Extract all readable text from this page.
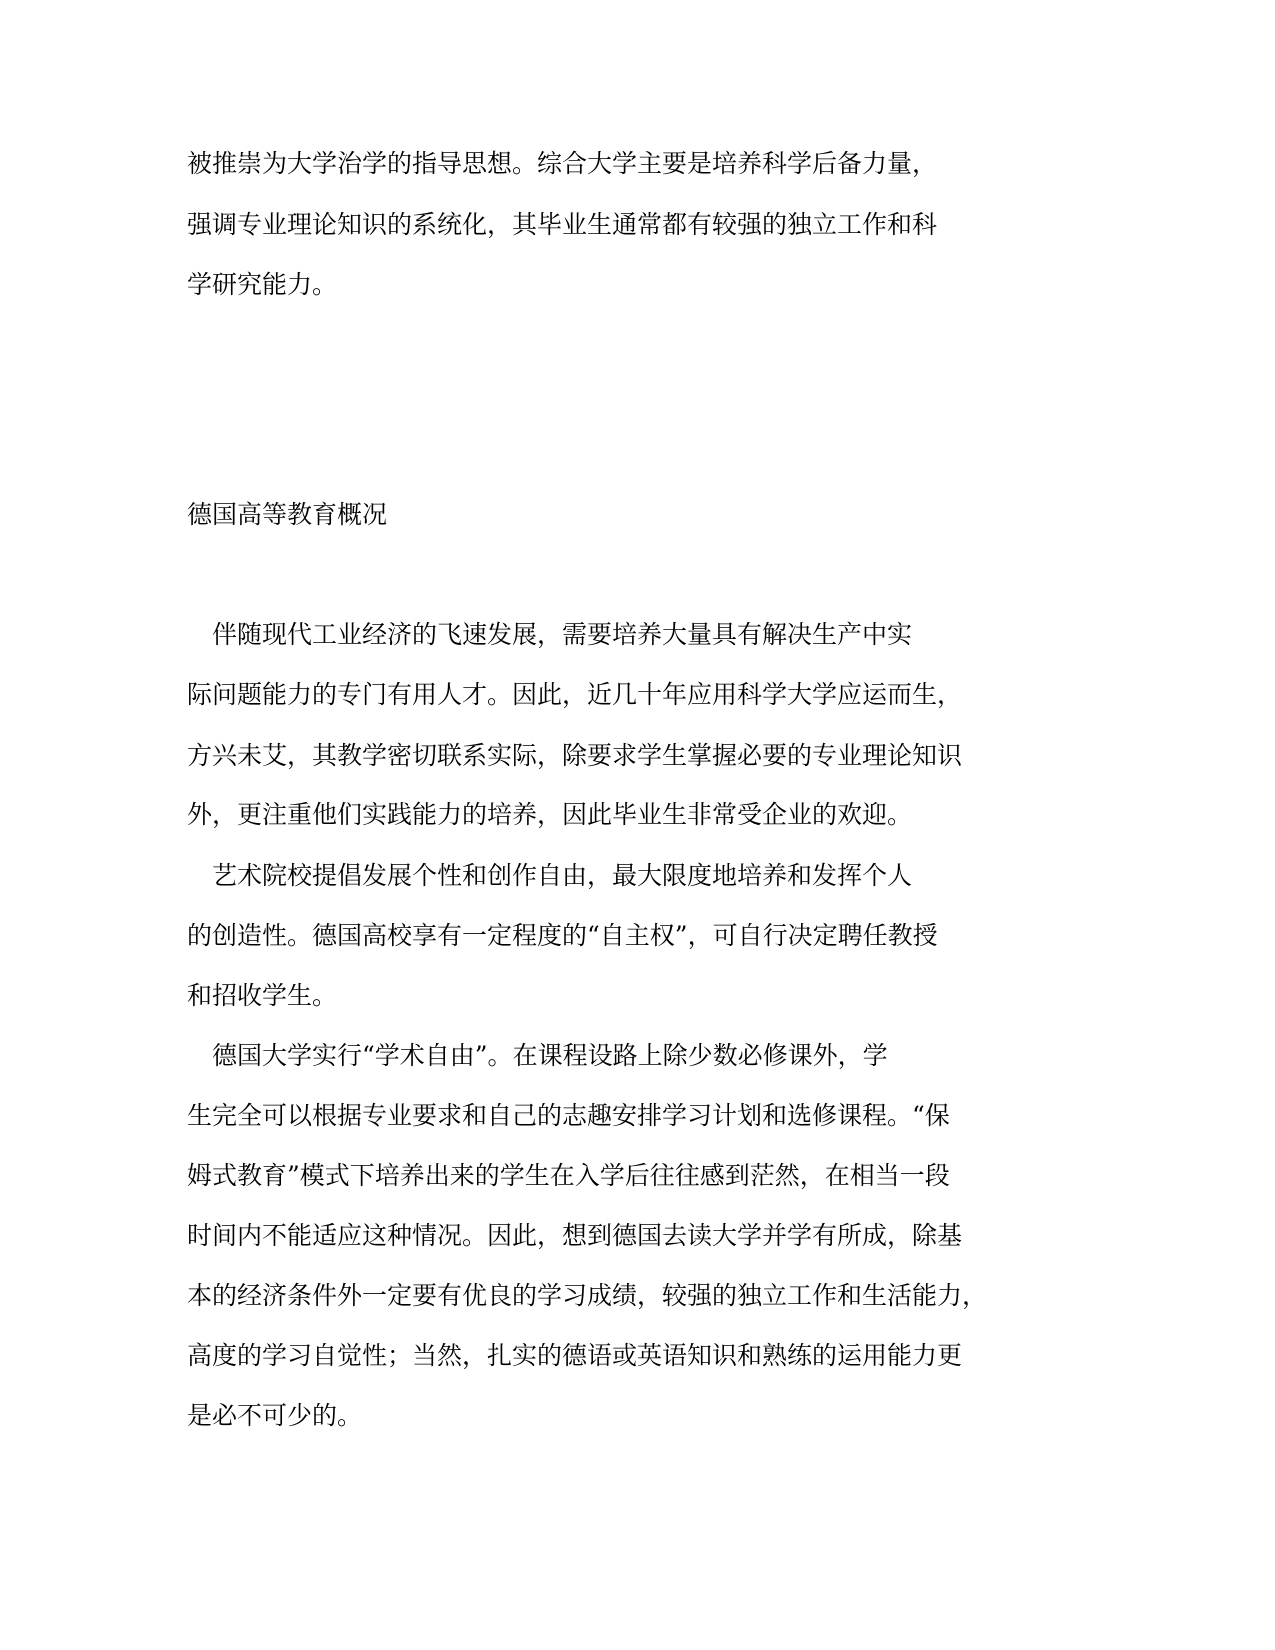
被推崇为大学治学的指导思想。综合大学主要是培养科学后备力量，
强调专业理论知识的系统化，其毕业生通常都有较强的独立工作和科
学研究能力。
德国高等教育概况
伴随现代工业经济的飞速发展，需要培养大量具有解决生产中实
际问题能力的专门有用人才。因此，近几十年应用科学大学应运而生，
方兴未艾，其教学密切联系实际，除要求学生掌握必要的专业理论知识
外，更注重他们实践能力的培养，因此毕业生非常受企业的欢迎。
艺术院校提倡发展个性和创作自由，最大限度地培养和发挥个人
的创造性。德国高校享有一定程度的“自主权”，可自行决定聘任教授
和招收学生。
德国大学实行“学术自由”。在课程设路上除少数必修课外，学
生完全可以根据专业要求和自己的志趣安排学习计划和选修课程。“保
姆式教育”模式下培养出来的学生在入学后往往感到茫然，在相当一段
时间内不能适应这种情况。因此，想到德国去读大学并学有所成，除基
本的经济条件外一定要有优良的学习成绩，较强的独立工作和生活能力，
高度的学习自觉性；当然，扎实的德语或英语知识和熟练的运用能力更
是必不可少的。
